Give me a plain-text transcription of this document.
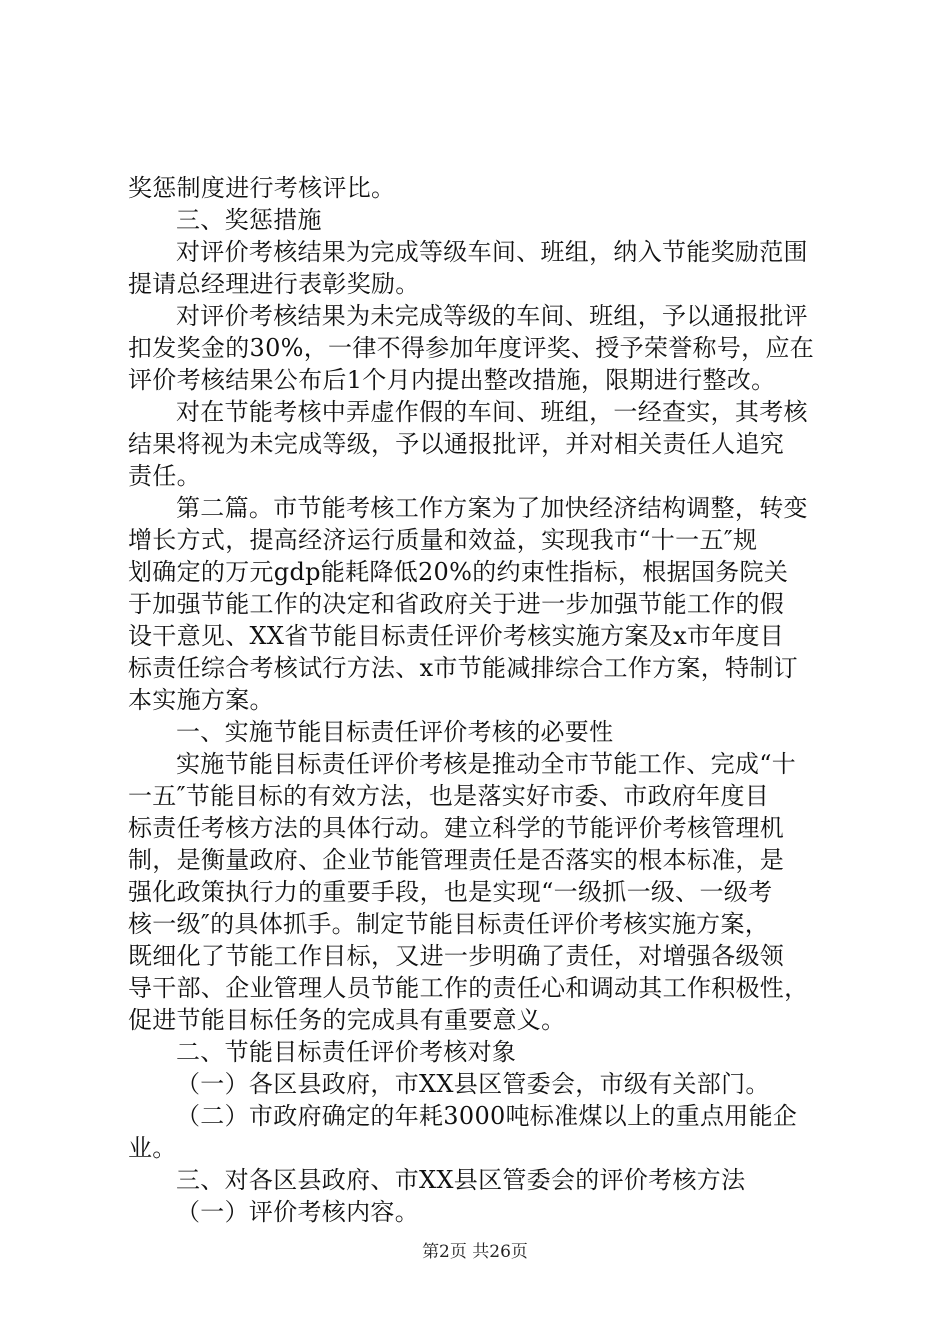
奖惩制度进行考核评比。
三、奖惩措施
对评价考核结果为完成等级车间、班组，纳入节能奖励范围
提请总经理进行表彰奖励。
对评价考核结果为未完成等级的车间、班组，予以通报批评
扣发奖金的30%，一律不得参加年度评奖、授予荣誉称号，应在
评价考核结果公布后1个月内提出整改措施，限期进行整改。
对在节能考核中弄虚作假的车间、班组，一经查实，其考核
结果将视为未完成等级，予以通报批评，并对相关责任人追究
责任。
第二篇。市节能考核工作方案为了加快经济结构调整，转变
增长方式，提高经济运行质量和效益，实现我市“十一五″规
划确定的万元gdp能耗降低20%的约束性指标，根据国务院关
于加强节能工作的决定和省政府关于进一步加强节能工作的假
设干意见、XX省节能目标责任评价考核实施方案及x市年度目
标责任综合考核试行方法、x市节能减排综合工作方案，特制订
本实施方案。
一、实施节能目标责任评价考核的必要性
实施节能目标责任评价考核是推动全市节能工作、完成“十
一五″节能目标的有效方法，也是落实好市委、市政府年度目
标责任考核方法的具体行动。建立科学的节能评价考核管理机
制，是衡量政府、企业节能管理责任是否落实的根本标准，是
强化政策执行力的重要手段，也是实现“一级抓一级、一级考
核一级″的具体抓手。制定节能目标责任评价考核实施方案，
既细化了节能工作目标，又进一步明确了责任，对增强各级领
导干部、企业管理人员节能工作的责任心和调动其工作积极性，
促进节能目标任务的完成具有重要意义。
二、节能目标责任评价考核对象
（一）各区县政府，市XX县区管委会，市级有关部门。
（二）市政府确定的年耗3000吨标准煤以上的重点用能企
业。
三、对各区县政府、市XX县区管委会的评价考核方法
（一）评价考核内容。
第2页 共26页
